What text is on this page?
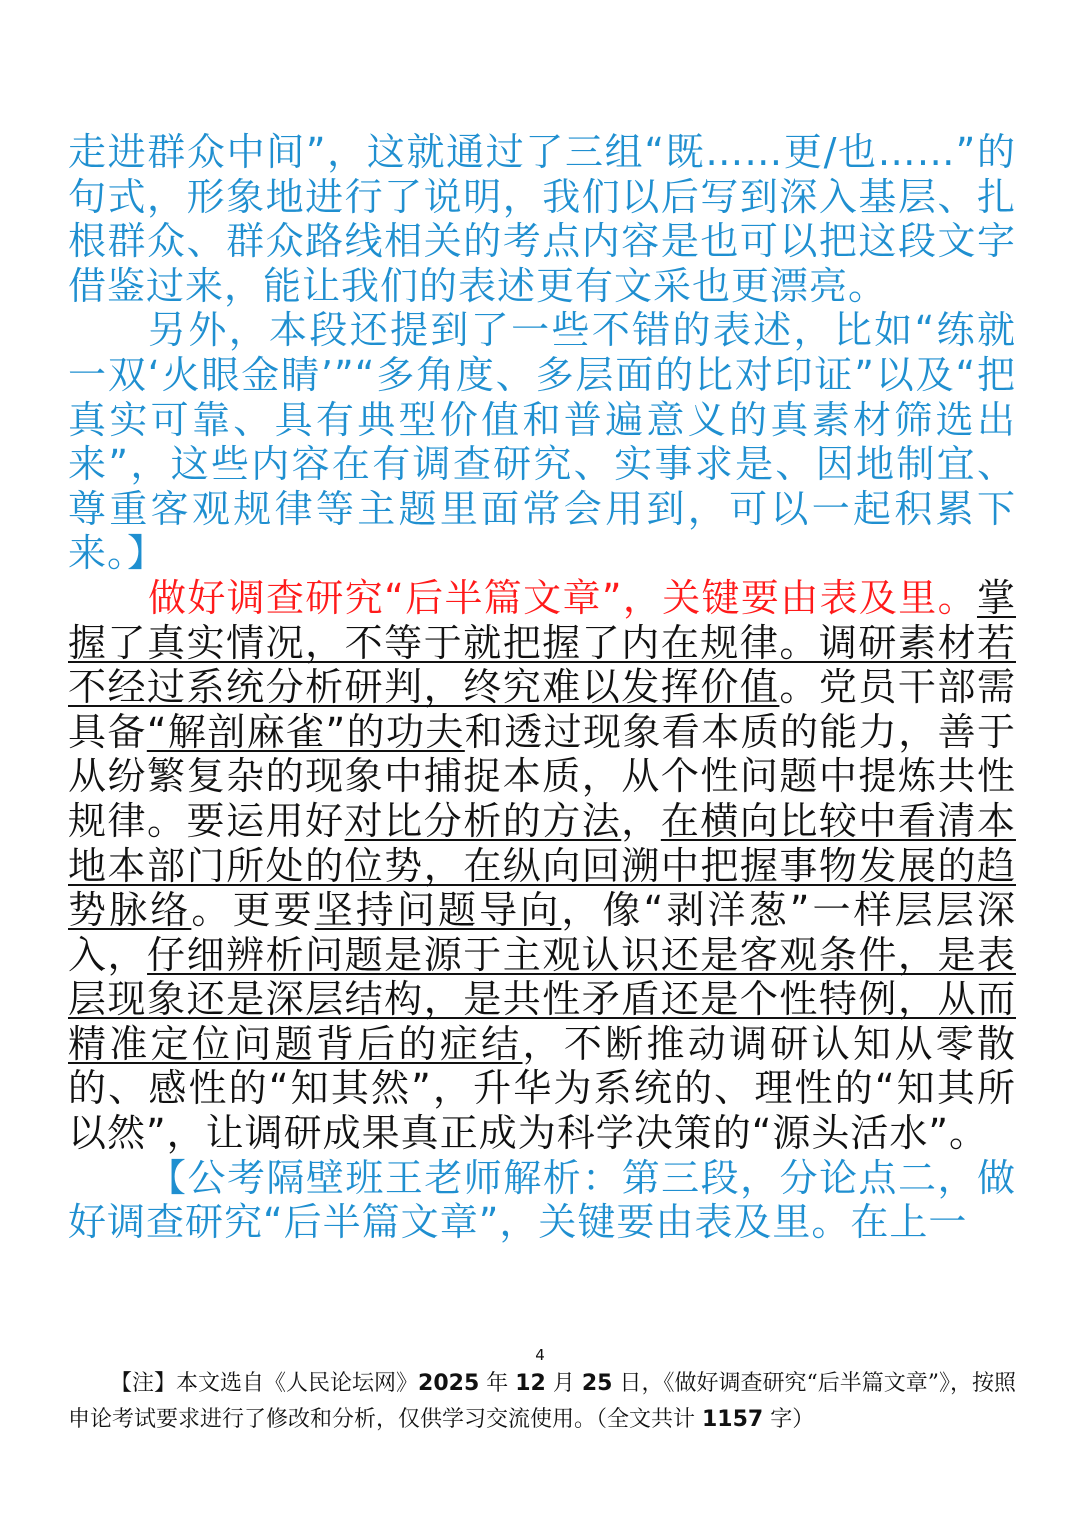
走进群众中间”，这就通过了三组“既……更/也……”的句式，形象地进行了说明，我们以后写到深入基层、扎根群众、群众路线相关的考点内容是也可以把这段文字借鉴过来，能让我们的表述更有文采也更漂亮。

另外，本段还提到了一些不错的表述，比如“练就一双‘火眼金睛’”“多角度、多层面的比对印证”以及“把真实可靠、具有典型价值和普遍意义的真素材筛选出来”，这些内容在有调查研究、实事求是、因地制宜、尊重客观规律等主题里面常会用到，可以一起积累下来。】

做好调查研究“后半篇文章”，关键要由表及里。掌握了真实情况，不等于就把握了内在规律。调研素材若不经过系统分析研判，终究难以发挥价值。党员干部需具备“解剖麻雀”的功夫和透过现象看本质的能力，善于从纷繁复杂的现象中捕捉本质，从个性问题中提炼共性规律。要运用好对比分析的方法，在横向比较中看清本地本部门所处的位势，在纵向回溯中把握事物发展的趋势脉络。更要坚持问题导向，像“剥洋葱”一样层层深入，仔细辨析问题是源于主观认识还是客观条件，是表层现象还是深层结构，是共性矛盾还是个性特例，从而精准定位问题背后的症结，不断推动调研认知从零散的、感性的“知其然”，升华为系统的、理性的“知其所以然”，让调研成果真正成为科学决策的“源头活水”。

【公考隔壁班王老师解析：第三段，分论点二，做好调查研究“后半篇文章”，关键要由表及里。在上一

4
【注】本文选自《人民论坛网》2025 年 12 月 25 日，《做好调查研究“后半篇文章”》，按照申论考试要求进行了修改和分析，仅供学习交流使用。（全文共计 1157 字）
